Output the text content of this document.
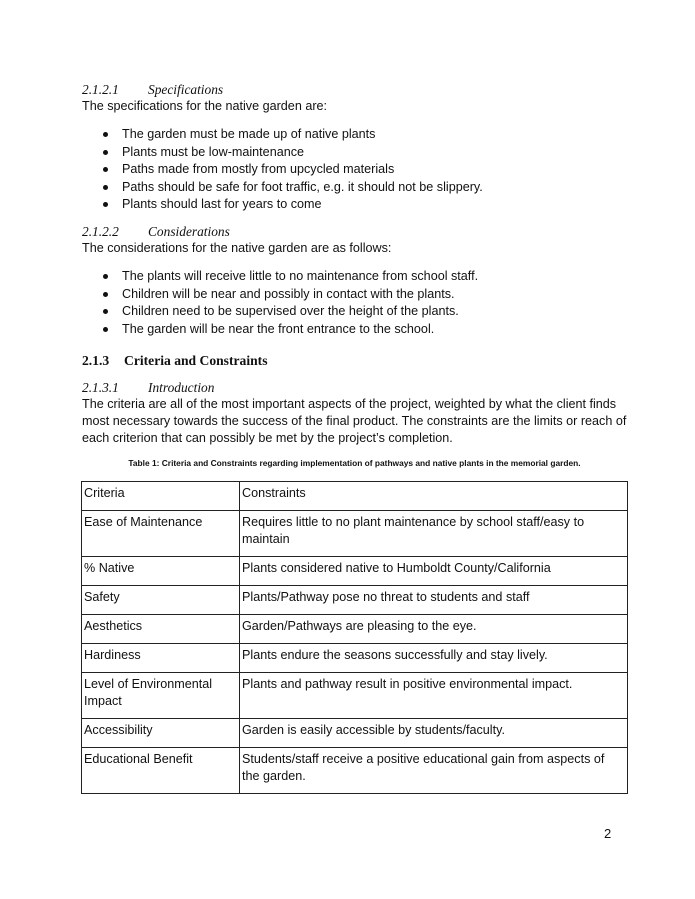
2.1.2.1 Specifications
The specifications for the native garden are:
The garden must be made up of native plants
Plants must be low-maintenance
Paths made from mostly from upcycled materials
Paths should be safe for foot traffic, e.g. it should not be slippery.
Plants should last for years to come
2.1.2.2 Considerations
The considerations for the native garden are as follows:
The plants will receive little to no maintenance from school staff.
Children will be near and possibly in contact with the plants.
Children need to be supervised over the height of the plants.
The garden will be near the front entrance to the school.
2.1.3 Criteria and Constraints
2.1.3.1 Introduction
The criteria are all of the most important aspects of the project, weighted by what the client finds most necessary towards the success of the final product. The constraints are the limits or reach of each criterion that can possibly be met by the project’s completion.
Table 1: Criteria and Constraints regarding implementation of pathways and native plants in the memorial garden.
Criteria	Constraints
Ease of Maintenance	Requires little to no plant maintenance by school staff/easy to maintain
% Native	Plants considered native to Humboldt County/California
Safety	Plants/Pathway pose no threat to students and staff
Aesthetics	Garden/Pathways are pleasing to the eye.
Hardiness	Plants endure the seasons successfully and stay lively.
Level of Environmental Impact	Plants and pathway result in positive environmental impact.
Accessibility	Garden is easily accessible by students/faculty.
Educational Benefit	Students/staff receive a positive educational gain from aspects of the garden.
2
